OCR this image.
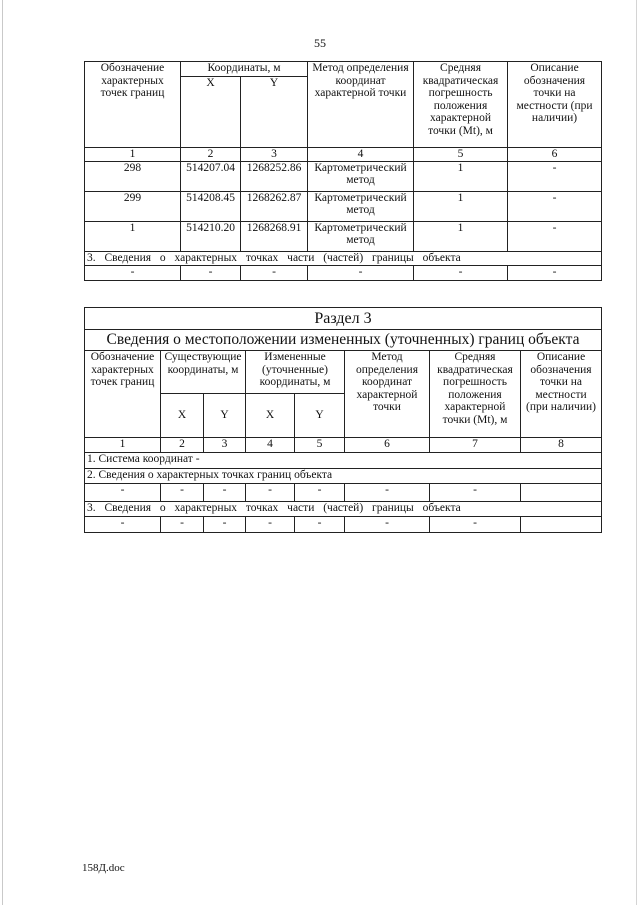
55
Обозначение характерных точек границ	Координаты, м		Метод определения координат характерной точки	Средняя квадратическая погрешность положения характерной точки (Mt), м	Описание обозначения точки на местности (при наличии)
	X	Y			
1	2	3	4	5	6
298	514207.04	1268252.86	Картометрический метод	1	-
299	514208.45	1268262.87	Картометрический метод	1	-
1	514210.20	1268268.91	Картометрический метод	1	-
3. Сведения о характерных точках части (частей) границы объекта					
-	-	-	-	-	-
Раздел 3							
Сведения о местоположении измененных (уточненных) границ объекта							
Обозначение характерных точек границ	Существующие координаты, м		Измененные (уточненные) координаты, м		Метод определения координат характерной точки	Средняя квадратическая погрешность положения характерной точки (Mt), м	Описание обозначения точки на местности (при наличии)
	X	Y	X	Y			
1	2	3	4	5	6	7	8
1. Система координат -							
2. Сведения о характерных точках границ объекта							
-	-	-	-	-	-	-	
3. Сведения о характерных точках части (частей) границы объекта							
-	-	-	-	-	-	-	
158Д.doc
